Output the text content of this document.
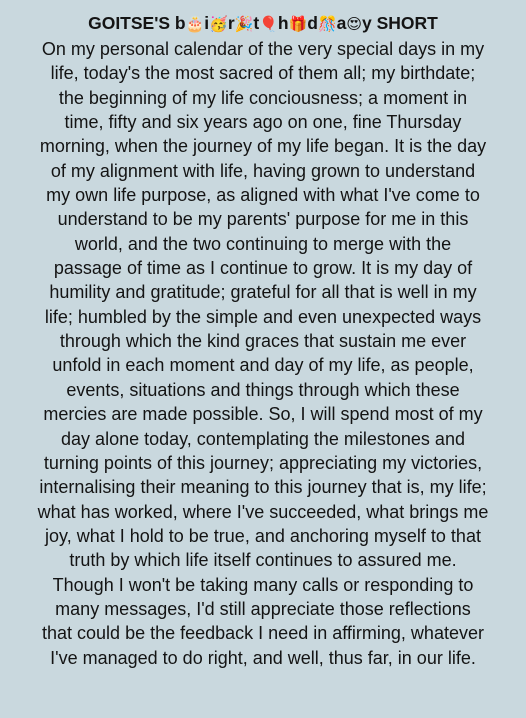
GOITSE'S b🎂i🥳r🎉t🎈h🎁d🎊a😍y SHORT

On my personal calendar of the very special days in my
life, today's the most sacred of them all; my birthdate;
the beginning of my life conciousness; a moment in
time, fifty and six years ago on one, fine Thursday
morning, when the journey of my life began. It is the day
of my alignment with life, having grown to understand
my own life purpose, as aligned with what I've come to
understand to be my parents' purpose for me in this
world, and the two continuing to merge with the
passage of time as I continue to grow. It is my day of
humility and gratitude; grateful for all that is well in my
life; humbled by the simple and even unexpected ways
through which the kind graces that sustain me ever
unfold in each moment and day of my life, as people,
events, situations and things through which these
mercies are made possible. So, I will spend most of my
day alone today, contemplating the milestones and
turning points of this journey; appreciating my victories,
internalising their meaning to this journey that is, my life;
what has worked, where I've succeeded, what brings me
joy, what I hold to be true, and anchoring myself to that
truth by which life itself continues to assured me.
Though I won't be taking many calls or responding to
many messages, I'd still appreciate those reflections
that could be the feedback I need in affirming, whatever
I've managed to do right, and well, thus far, in our life.
